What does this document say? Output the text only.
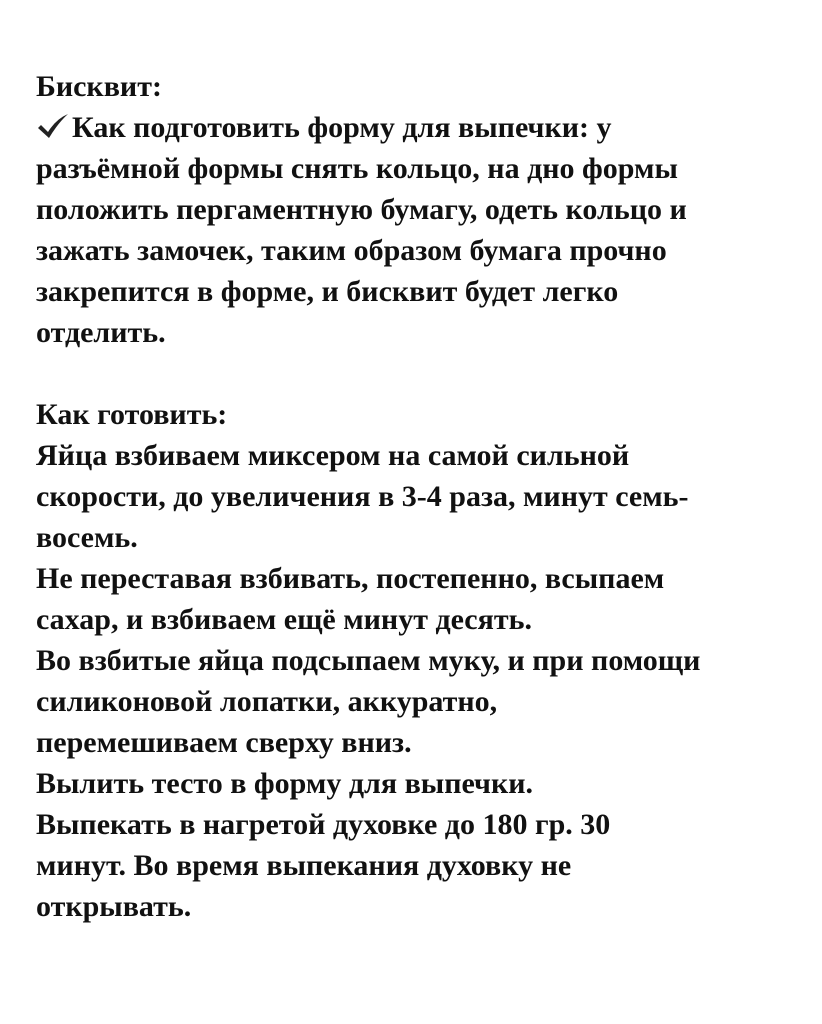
Бисквит:
Как подготовить форму для выпечки: у
разъёмной формы снять кольцо, на дно формы
положить пергаментную бумагу, одеть кольцо и
зажать замочек, таким образом бумага прочно
закрепится в форме, и бисквит будет легко
отделить.
Как готовить:
Яйца взбиваем миксером на самой сильной
скорости, до увеличения в 3-4 раза, минут семь-
восемь.
Не переставая взбивать, постепенно, всыпаем
сахар, и взбиваем ещё минут десять.
Во взбитые яйца подсыпаем муку, и при помощи
силиконовой лопатки, аккуратно,
перемешиваем сверху вниз.
Вылить тесто в форму для выпечки.
Выпекать в нагретой духовке до 180 гр. 30
минут. Во время выпекания духовку не
открывать.
